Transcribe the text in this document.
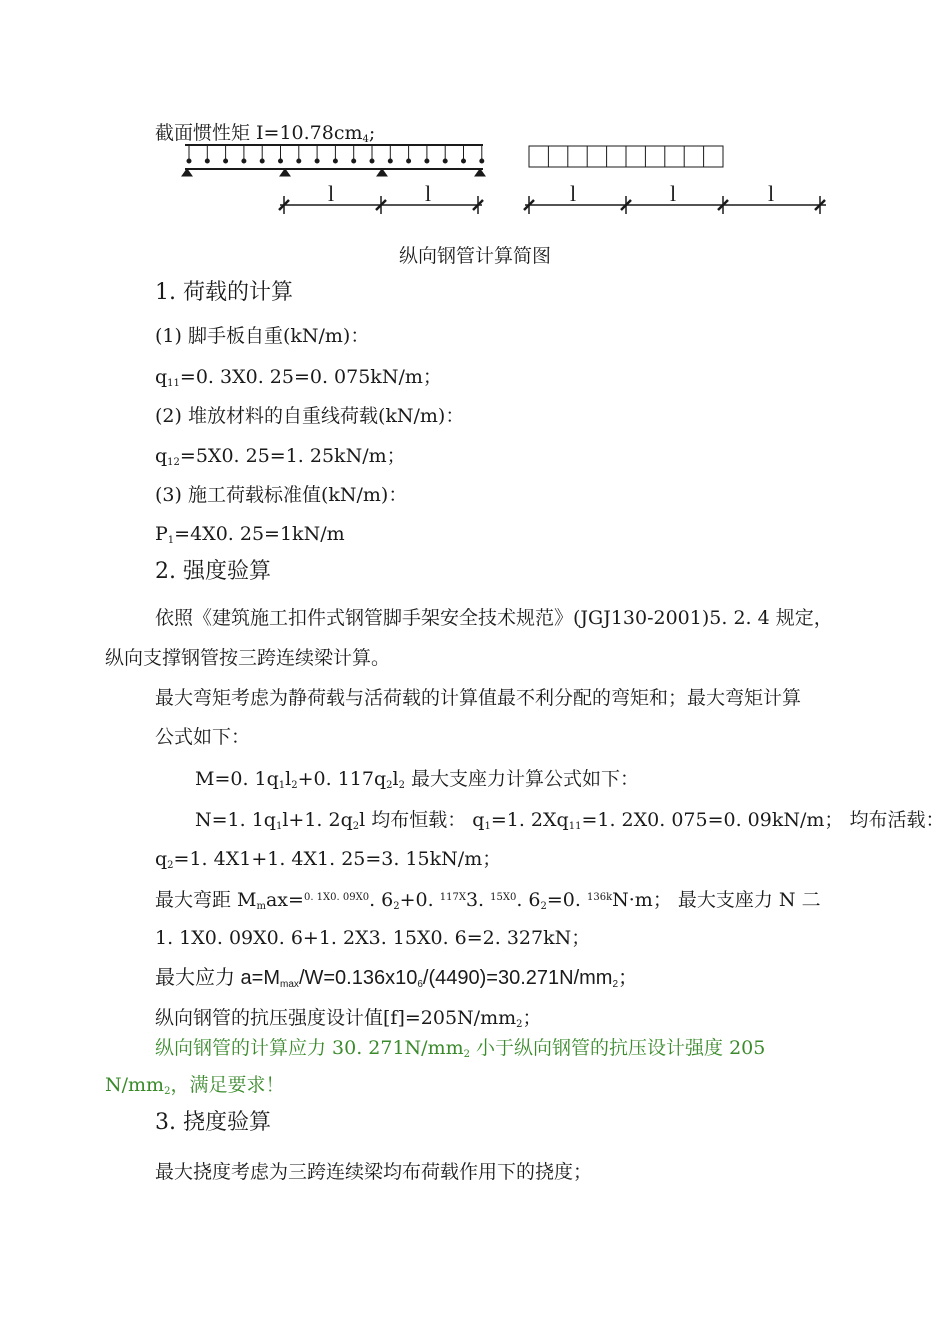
截面惯性矩 I=10.78cm4;
l	l	l	l	l
纵向钢管计算简图
1. 荷载的计算
(1) 脚手板自重(kN/m)：
q11=0. 3X0. 25=0. 075kN/m；
(2) 堆放材料的自重线荷载(kN/m)：
q12=5X0. 25=1. 25kN/m；
(3) 施工荷载标准值(kN/m)：
P1=4X0. 25=1kN/m
2. 强度验算
依照《建筑施工扣件式钢管脚手架安全技术规范》(JGJ130-2001)5. 2. 4 规定，
纵向支撑钢管按三跨连续梁计算。
最大弯矩考虑为静荷载与活荷载的计算值最不利分配的弯矩和；最大弯矩计算
公式如下：
M=0. 1q1l2+0. 117q2l2 最大支座力计算公式如下：
N=1. 1q1l+1. 2q2l 均布恒载： q1=1. 2Xq11=1. 2X0. 075=0. 09kN/m； 均布活载：
q2=1. 4X1+1. 4X1. 25=3. 15kN/m；
最大弯距 Mmax=$^{0. 1X0. 09X0}$. 62+0. $^{117X}$3. $^{15X0}$. 62=0. $^{136k}$N·m； 最大支座力 N 二
1. 1X0. 09X0. 6+1. 2X3. 15X0. 6=2. 327kN；
最大应力 a=Mmax/W=0.136x106/(4490)=30.271N/mm2；
纵向钢管的抗压强度设计值[f]=205N/mm2；
纵向钢管的计算应力 30. 271N/mm2 小于纵向钢管的抗压设计强度 205
N/mm2，满足要求！
3. 挠度验算
最大挠度考虑为三跨连续梁均布荷载作用下的挠度；
